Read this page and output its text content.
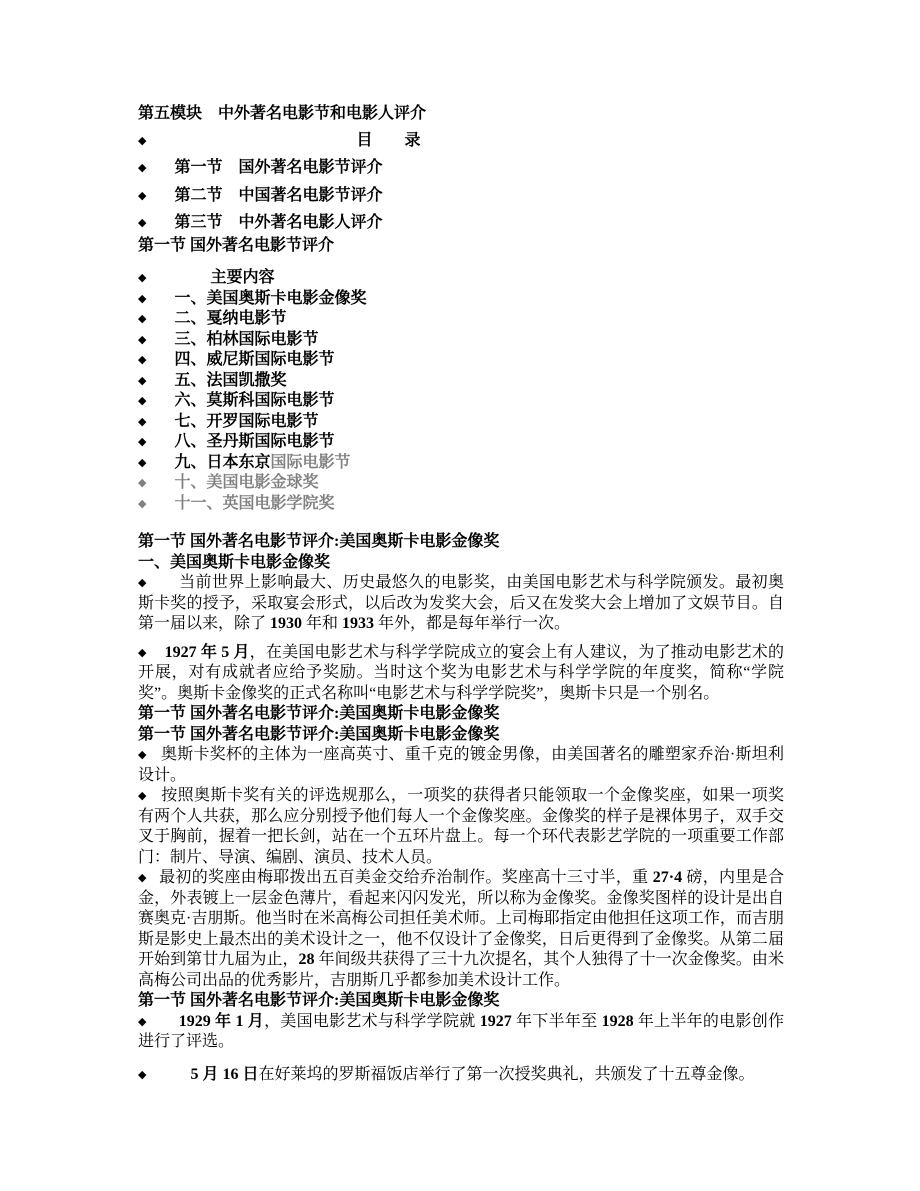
第五模块　中外著名电影节和电影人评介
◆	目　　录
◆ 第一节　国外著名电影节评介
◆ 第二节　中国著名电影节评介
◆ 第三节　中外著名电影人评介
第一节 国外著名电影节评介
◆	主要内容
◆ 一、美国奥斯卡电影金像奖
◆ 二、戛纳电影节
◆ 三、柏林国际电影节
◆ 四、威尼斯国际电影节
◆ 五、法国凯撒奖
◆ 六、莫斯科国际电影节
◆ 七、开罗国际电影节
◆ 八、圣丹斯国际电影节
◆ 九、日本东京国际电影节
◆ 十、美国电影金球奖
◆ 十一、英国电影学院奖
第一节 国外著名电影节评介:美国奥斯卡电影金像奖
一、美国奥斯卡电影金像奖
◆ 当前世界上影响最大、历史最悠久的电影奖，由美国电影艺术与科学院颁发。最初奥斯卡奖的授予，采取宴会形式，以后改为发奖大会，后又在发奖大会上增加了文娱节目。自第一届以来，除了 1930 年和 1933 年外，都是每年举行一次。
◆ 1927 年 5 月，在美国电影艺术与科学学院成立的宴会上有人建议，为了推动电影艺术的开展，对有成就者应给予奖励。当时这个奖为电影艺术与科学学院的年度奖，简称“学院奖”。奥斯卡金像奖的正式名称叫“电影艺术与科学学院奖”，奥斯卡只是一个别名。
第一节 国外著名电影节评介:美国奥斯卡电影金像奖
第一节 国外著名电影节评介:美国奥斯卡电影金像奖
◆ 奥斯卡奖杯的主体为一座高英寸、重千克的镀金男像，由美国著名的雕塑家乔治·斯坦利设计。
◆ 按照奥斯卡奖有关的评选规那么，一项奖的获得者只能领取一个金像奖座，如果一项奖有两个人共获，那么应分别授予他们每人一个金像奖座。金像奖的样子是裸体男子，双手交叉于胸前，握着一把长剑，站在一个五环片盘上。每一个环代表影艺学院的一项重要工作部门：制片、导演、编剧、演员、技术人员。
◆ 最初的奖座由梅耶拨出五百美金交给乔治制作。奖座高十三寸半，重 27·4 磅，内里是合金，外表镀上一层金色薄片，看起来闪闪发光，所以称为金像奖。金像奖图样的设计是出自赛奥克·吉朋斯。他当时在米高梅公司担任美术师。上司梅耶指定由他担任这项工作，而吉朋斯是影史上最杰出的美术设计之一，他不仅设计了金像奖，日后更得到了金像奖。从第二届开始到第廿九届为止，28 年间级共获得了三十九次提名，其个人独得了十一次金像奖。由米高梅公司出品的优秀影片，吉朋斯几乎都参加美术设计工作。
第一节 国外著名电影节评介:美国奥斯卡电影金像奖
◆ 1929 年 1 月，美国电影艺术与科学学院就 1927 年下半年至 1928 年上半年的电影创作进行了评选。
◆	5 月 16 日在好莱坞的罗斯福饭店举行了第一次授奖典礼，共颁发了十五尊金像。
